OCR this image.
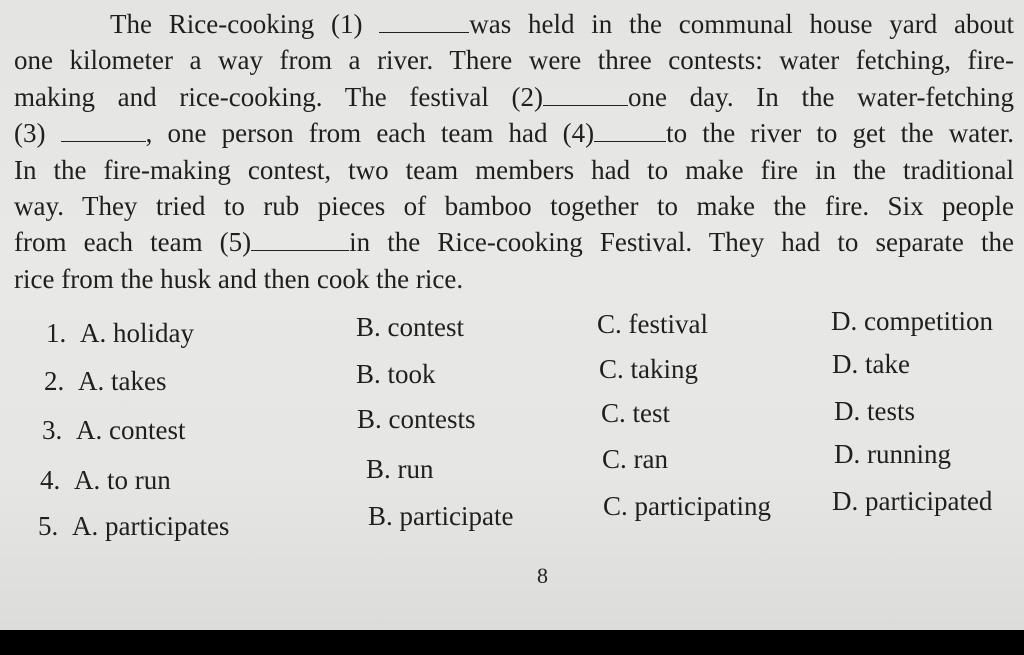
The Rice-cooking (1)	was held in the communal house yard about
one kilometer a way from a river. There were three contests: water fetching, fire-
making and rice-cooking. The festival (2)	one day. In the water-fetching
(3)	, one person from each team had (4)	to the river to get the water.
In the fire-making contest, two team members had to make fire in the traditional
way. They tried to rub pieces of bamboo together to make the fire. Six people
from each team (5)	in the Rice-cooking Festival. They had to separate the
rice from the husk and then cook the rice.
1. A. holiday	B. contest	C. festival	D. competition
2. A. takes	B. took	C. taking	D. take
3. A. contest	B. contests	C. test	D. tests
4. A. to run	B. run	C. ran	D. running
5. A. participates	B. participate	C. participating D. participated
8
